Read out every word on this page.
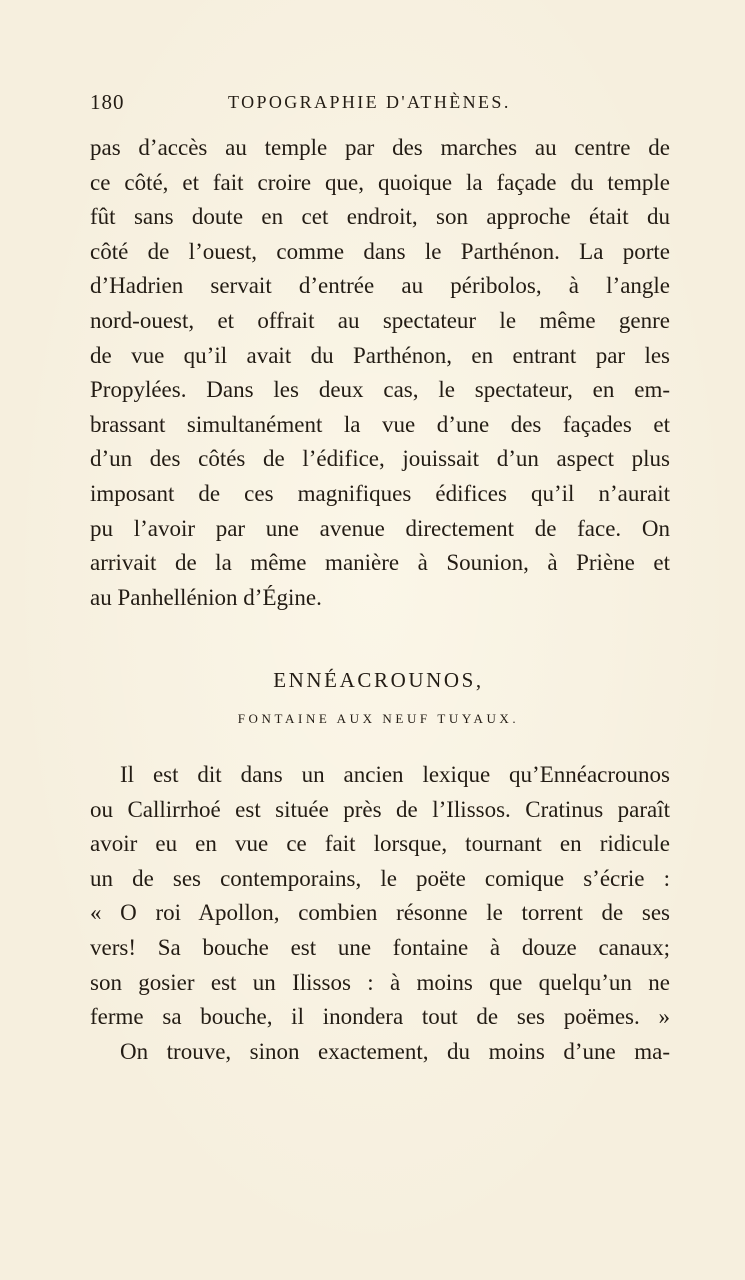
180	TOPOGRAPHIE D'ATHÈNES.
pas d’accès au temple par des marches au centre de
ce côté, et fait croire que, quoique la façade du temple
fût sans doute en cet endroit, son approche était du
côté de l’ouest, comme dans le Parthénon. La porte
d’Hadrien servait d’entrée au péribolos, à l’angle
nord-ouest, et offrait au spectateur le même genre
de vue qu’il avait du Parthénon, en entrant par les
Propylées. Dans les deux cas, le spectateur, en em-
brassant simultanément la vue d’une des façades et
d’un des côtés de l’édifice, jouissait d’un aspect plus
imposant de ces magnifiques édifices qu’il n’aurait
pu l’avoir par une avenue directement de face. On
arrivait de la même manière à Sounion, à Priène et
au Panhellénion d’Égine.
ENNÉACROUNOS,
FONTAINE AUX NEUF TUYAUX.
Il est dit dans un ancien lexique qu’Ennéacrounos
ou Callirrhoé est située près de l’Ilissos. Cratinus paraît
avoir eu en vue ce fait lorsque, tournant en ridicule
un de ses contemporains, le poëte comique s’écrie :
« O roi Apollon, combien résonne le torrent de ses
vers! Sa bouche est une fontaine à douze canaux;
son gosier est un Ilissos : à moins que quelqu’un ne
ferme sa bouche, il inondera tout de ses poëmes. »
On trouve, sinon exactement, du moins d’une ma-
